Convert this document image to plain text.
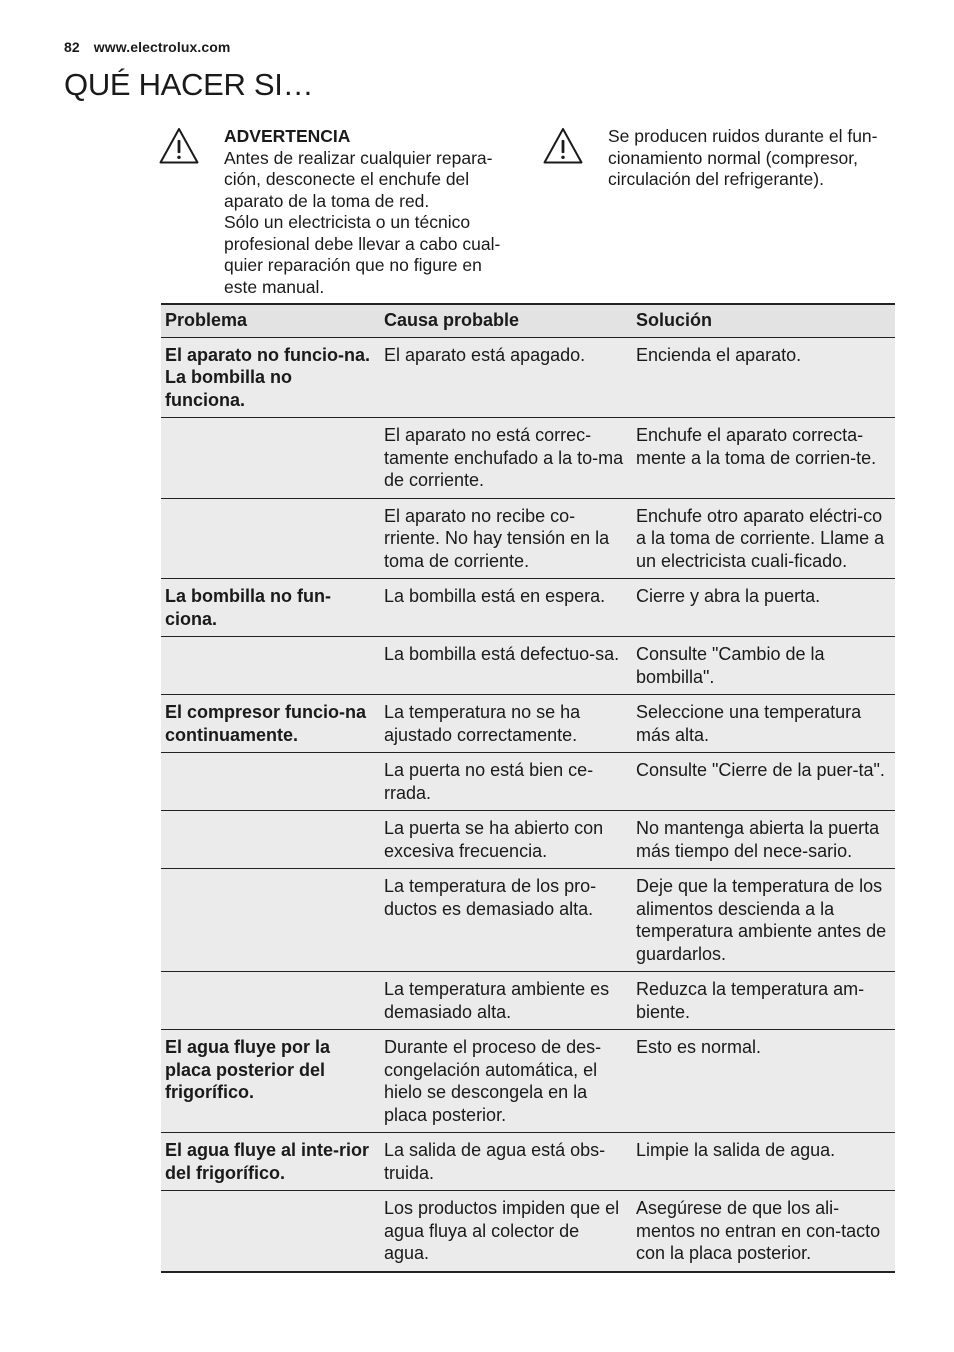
82 www.electrolux.com
QUÉ HACER SI…
ADVERTENCIA
Antes de realizar cualquier repara-
ción, desconecte el enchufe del
aparato de la toma de red.
Sólo un electricista o un técnico
profesional debe llevar a cabo cual-
quier reparación que no figure en
este manual.
Se producen ruidos durante el fun-
cionamiento normal (compresor,
circulación del refrigerante).
Problema	Causa probable	Solución
El aparato no funcio-na. La bombilla no funciona.	El aparato está apagado.	Encienda el aparato.
	El aparato no está correc-tamente enchufado a la to-ma de corriente.	Enchufe el aparato correcta-mente a la toma de corrien-te.
	El aparato no recibe co-rriente. No hay tensión en la toma de corriente.	Enchufe otro aparato eléctri-co a la toma de corriente. Llame a un electricista cuali-ficado.
La bombilla no fun-ciona.	La bombilla está en espera.	Cierre y abra la puerta.
	La bombilla está defectuo-sa.	Consulte "Cambio de la bombilla".
El compresor funcio-na continuamente.	La temperatura no se ha ajustado correctamente.	Seleccione una temperatura más alta.
	La puerta no está bien ce-rrada.	Consulte "Cierre de la puer-ta".
	La puerta se ha abierto con excesiva frecuencia.	No mantenga abierta la puerta más tiempo del nece-sario.
	La temperatura de los pro-ductos es demasiado alta.	Deje que la temperatura de los alimentos descienda a la temperatura ambiente antes de guardarlos.
	La temperatura ambiente es demasiado alta.	Reduzca la temperatura am-biente.
El agua fluye por la placa posterior del frigorífico.	Durante el proceso de des-congelación automática, el hielo se descongela en la placa posterior.	Esto es normal.
El agua fluye al inte-rior del frigorífico.	La salida de agua está obs-truida.	Limpie la salida de agua.
	Los productos impiden que el agua fluya al colector de agua.	Asegúrese de que los ali-mentos no entran en con-tacto con la placa posterior.
